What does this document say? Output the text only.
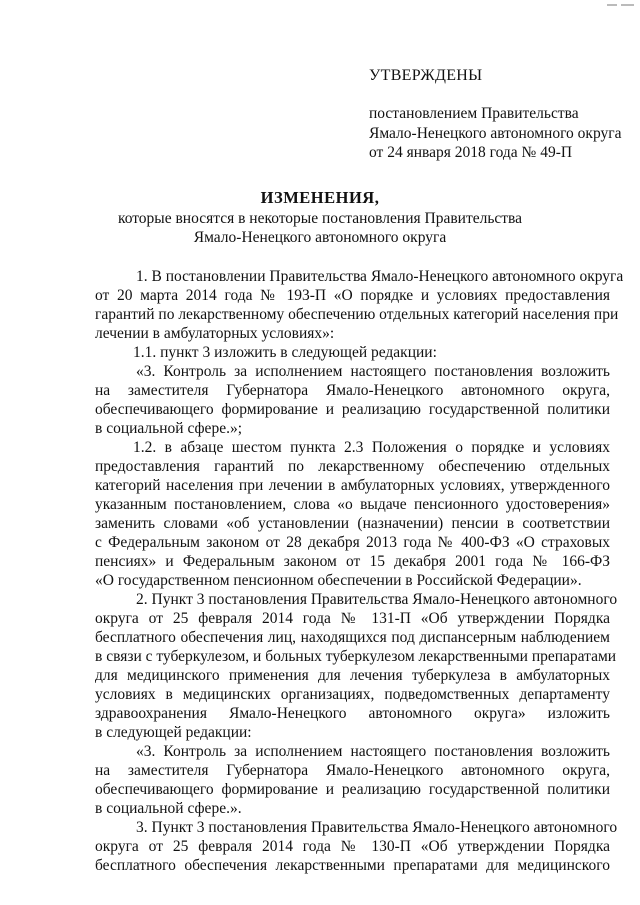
УТВЕРЖДЕНЫ
постановлением Правительства
Ямало-Ненецкого автономного округа
от 24 января 2018 года № 49-П
ИЗМЕНЕНИЯ,
которые вносятся в некоторые постановления Правительства
Ямало-Ненецкого автономного округа
1. В постановлении Правительства Ямало-Ненецкого автономного округа
от 20 марта 2014 года № 193-П «О порядке и условиях предоставления
гарантий по лекарственному обеспечению отдельных категорий населения при
лечении в амбулаторных условиях»:
1.1. пункт 3 изложить в следующей редакции:
«3. Контроль за исполнением настоящего постановления возложить
на заместителя Губернатора Ямало-Ненецкого автономного округа,
обеспечивающего формирование и реализацию государственной политики
в социальной сфере.»;
1.2. в абзаце шестом пункта 2.3 Положения о порядке и условиях
предоставления гарантий по лекарственному обеспечению отдельных
категорий населения при лечении в амбулаторных условиях, утвержденного
указанным постановлением, слова «о выдаче пенсионного удостоверения»
заменить словами «об установлении (назначении) пенсии в соответствии
с Федеральным законом от 28 декабря 2013 года № 400-ФЗ «О страховых
пенсиях» и Федеральным законом от 15 декабря 2001 года № 166-ФЗ
«О государственном пенсионном обеспечении в Российской Федерации».
2. Пункт 3 постановления Правительства Ямало-Ненецкого автономного
округа от 25 февраля 2014 года № 131-П «Об утверждении Порядка
бесплатного обеспечения лиц, находящихся под диспансерным наблюдением
в связи с туберкулезом, и больных туберкулезом лекарственными препаратами
для медицинского применения для лечения туберкулеза в амбулаторных
условиях в медицинских организациях, подведомственных департаменту
здравоохранения Ямало-Ненецкого автономного округа» изложить
в следующей редакции:
«3. Контроль за исполнением настоящего постановления возложить
на заместителя Губернатора Ямало-Ненецкого автономного округа,
обеспечивающего формирование и реализацию государственной политики
в социальной сфере.».
3. Пункт 3 постановления Правительства Ямало-Ненецкого автономного
округа от 25 февраля 2014 года № 130-П «Об утверждении Порядка
бесплатного обеспечения лекарственными препаратами для медицинского
